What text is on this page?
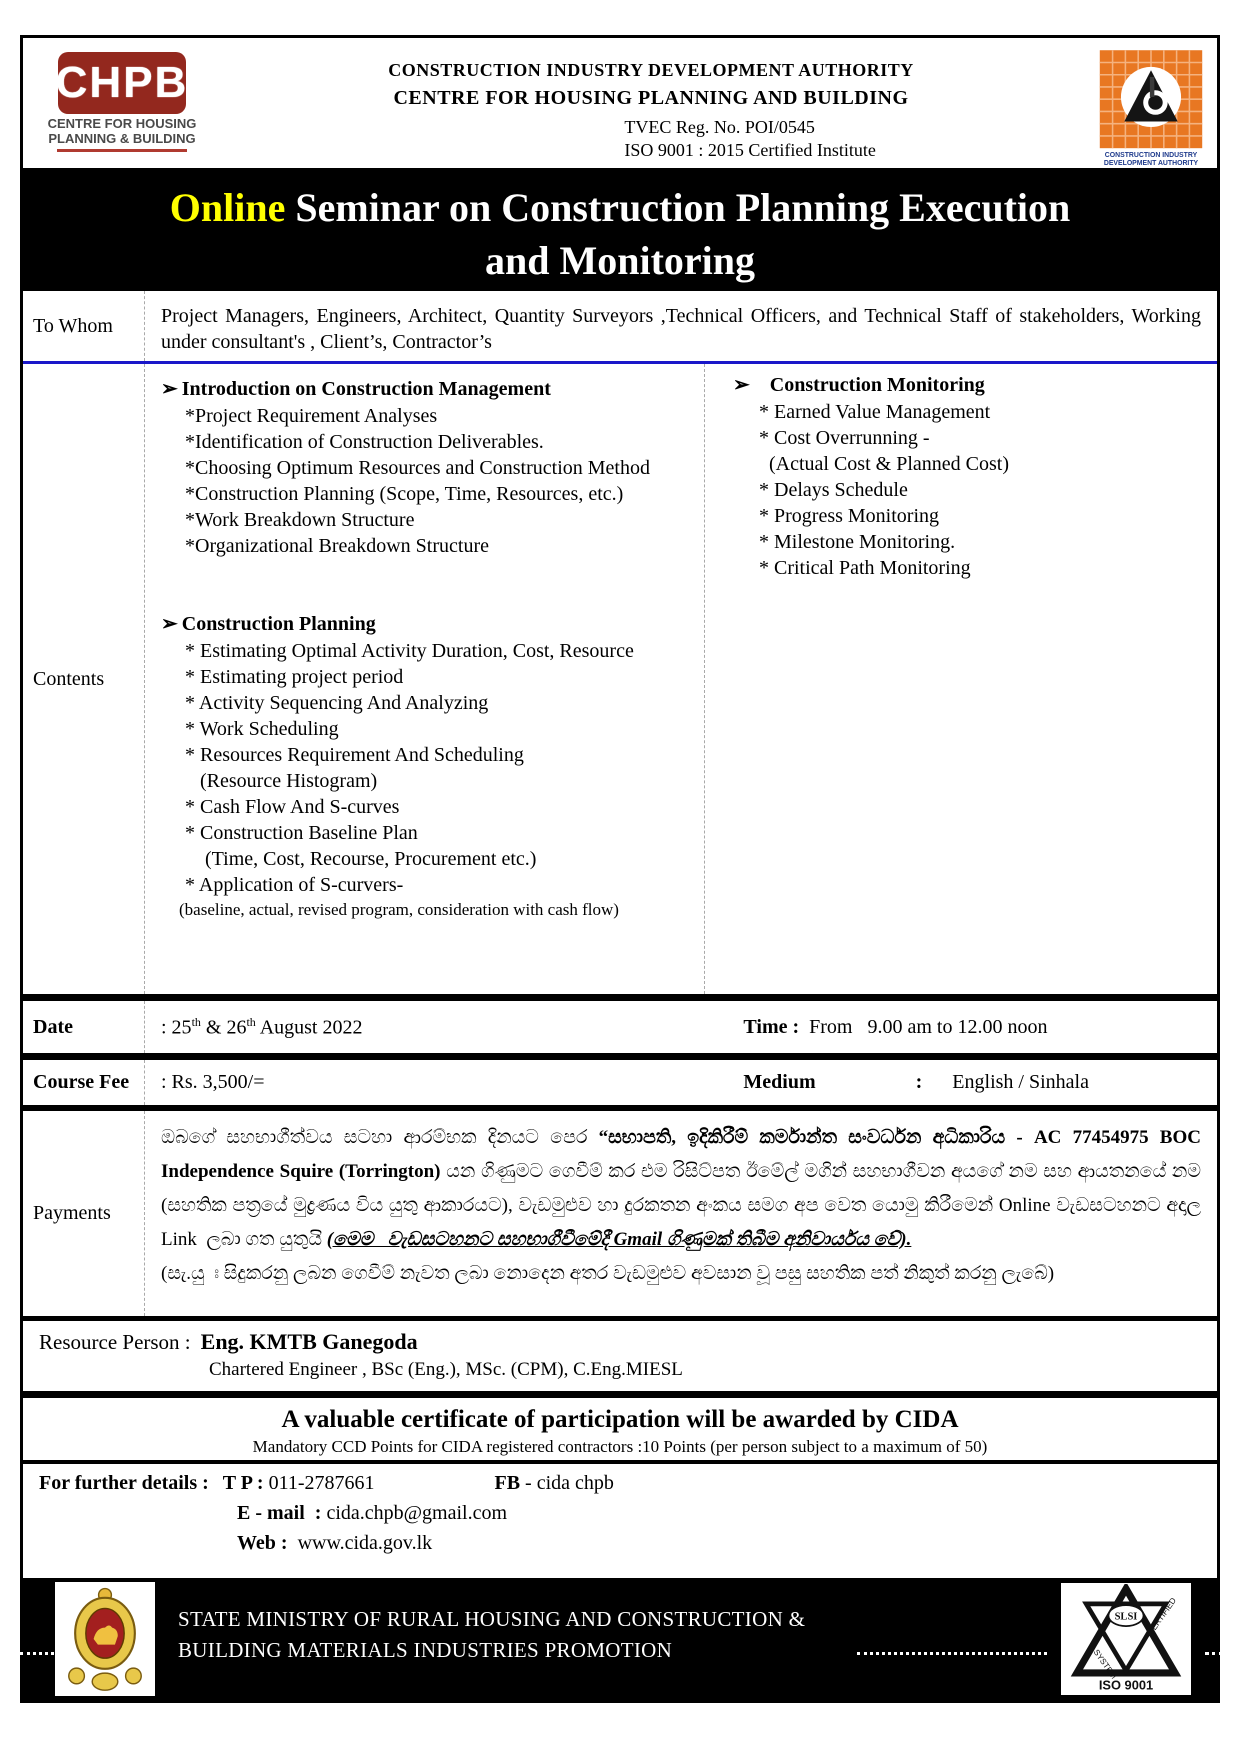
CHPB
CENTRE FOR HOUSING
PLANNING & BUILDING
CONSTRUCTION INDUSTRY DEVELOPMENT AUTHORITY
CENTRE FOR HOUSING PLANNING AND BUILDING
TVEC Reg. No. POI/0545
ISO 9001 : 2015 Certified Institute	CONSTRUCTION INDUSTRY
DEVELOPMENT AUTHORITY
Online Seminar on Construction Planning Execution
and Monitoring
To Whom	Project Managers, Engineers, Architect, Quantity Surveyors ,Technical Officers, and Technical Staff of stakeholders, Working under consultant's , Client’s, Contractor’s
Contents
➢ Introduction on Construction Management
*Project Requirement Analyses
*Identification of Construction Deliverables.
*Choosing Optimum Resources and Construction Method
*Construction Planning (Scope, Time, Resources, etc.)
*Work Breakdown Structure
*Organizational Breakdown Structure
➢ Construction Planning
* Estimating Optimal Activity Duration, Cost, Resource
* Estimating project period
* Activity Sequencing And Analyzing
* Work Scheduling
* Resources Requirement And Scheduling
(Resource Histogram)
* Cash Flow And S-curves
* Construction Baseline Plan
(Time, Cost, Recourse, Procurement etc.)
* Application of S-curvers-
(baseline, actual, revised program, consideration with cash flow)
➢ Construction Monitoring
* Earned Value Management
* Cost Overrunning -
(Actual Cost & Planned Cost)
* Delays Schedule
* Progress Monitoring
* Milestone Monitoring.
* Critical Path Monitoring
Date	: 25th & 26th August 2022	Time :  From   9.00 am to 12.00 noon
Course Fee	: Rs. 3,500/=	Medium	: English / Sinhala
Payments
ඔබගේ සහභාගීත්වය සටහා ආරම්භක දිනයට පෙර “සභාපති, ඉදිකිරීම් කර්මාන්ත සංවර්ධන අධිකාරිය - AC 77454975 BOC Independence Squire (Torrington) යන ගිණුමට ගෙවීම් කර එම රිසිට්පත ඊමේල් මගින් සහභාගීවන අයගේ නම සහ ආයතනයේ නම (සහතික පත්‍රයේ මුද්‍රණය විය යුතු ආකාරයට), වැඩමුළුව හා දුරකතන අංකය සමග අප වෙත යොමු කිරීමෙන් Online වැඩසටහනට අදාල Link  ලබා ගත යුතුයි (මෙම   වැඩසටහනට සහභාගීවීමේදී Gmail ගිණුමක් තිබීම අනිවාර්යය වේ).
(සැ.යු ඃ සිදුකරනු ලබන ගෙවීම් නැවත ලබා නොදෙන අතර වැඩමුළුව අවසාන වූ පසු සහතික පත් නිකුත් කරනු ලැබේ)
Resource Person : Eng. KMTB Ganegoda
Chartered Engineer , BSc (Eng.), MSc. (CPM), C.Eng.MIESL
A valuable certificate of participation will be awarded by CIDA
Mandatory CCD Points for CIDA registered contractors :10 Points (per person subject to a maximum of 50)
For further details : T P : 011-2787661	FB - cida chpb
E - mail  : cida.chpb@gmail.com
Web :  www.cida.gov.lk
STATE MINISTRY OF RURAL HOUSING AND CONSTRUCTION &
BUILDING MATERIALS INDUSTRIES PROMOTION
SLSI
SYSTEM
CERTIFIED
ISO 9001
